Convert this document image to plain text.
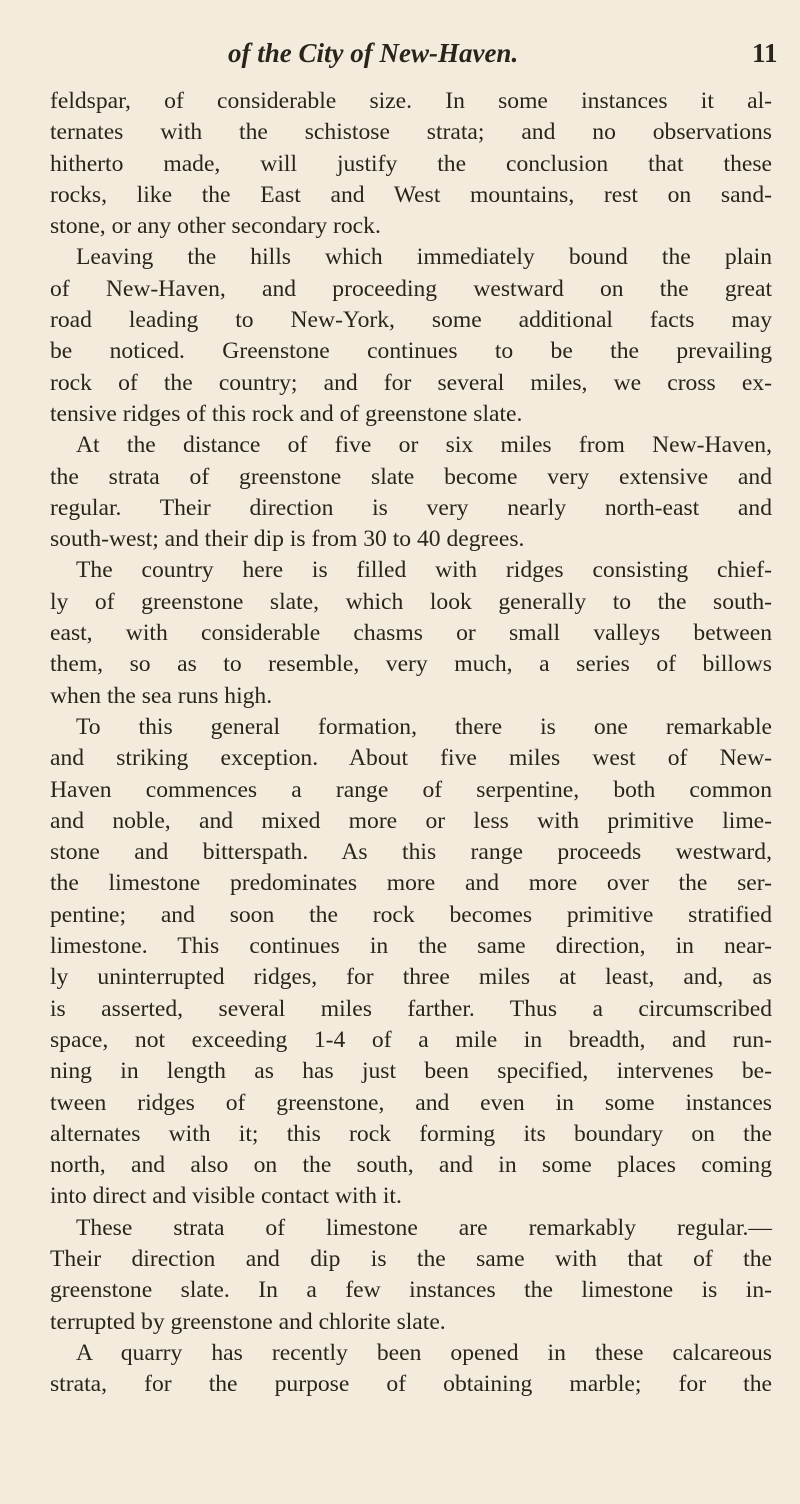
of the City of New-Haven.	11
feldspar, of considerable size. In some instances it al-
ternates with the schistose strata; and no observations
hitherto made, will justify the conclusion that these
rocks, like the East and West mountains, rest on sand-
stone, or any other secondary rock.
Leaving the hills which immediately bound the plain
of New-Haven, and proceeding westward on the great
road leading to New-York, some additional facts may
be noticed. Greenstone continues to be the prevailing
rock of the country; and for several miles, we cross ex-
tensive ridges of this rock and of greenstone slate.
At the distance of five or six miles from New-Haven,
the strata of greenstone slate become very extensive and
regular. Their direction is very nearly north-east and
south-west; and their dip is from 30 to 40 degrees.
The country here is filled with ridges consisting chief-
ly of greenstone slate, which look generally to the south-
east, with considerable chasms or small valleys between
them, so as to resemble, very much, a series of billows
when the sea runs high.
To this general formation, there is one remarkable
and striking exception. About five miles west of New-
Haven commences a range of serpentine, both common
and noble, and mixed more or less with primitive lime-
stone and bitterspath. As this range proceeds westward,
the limestone predominates more and more over the ser-
pentine; and soon the rock becomes primitive stratified
limestone. This continues in the same direction, in near-
ly uninterrupted ridges, for three miles at least, and, as
is asserted, several miles farther. Thus a circumscribed
space, not exceeding 1-4 of a mile in breadth, and run-
ning in length as has just been specified, intervenes be-
tween ridges of greenstone, and even in some instances
alternates with it; this rock forming its boundary on the
north, and also on the south, and in some places coming
into direct and visible contact with it.
These strata of limestone are remarkably regular.—
Their direction and dip is the same with that of the
greenstone slate. In a few instances the limestone is in-
terrupted by greenstone and chlorite slate.
A quarry has recently been opened in these calcareous
strata, for the purpose of obtaining marble; for the
